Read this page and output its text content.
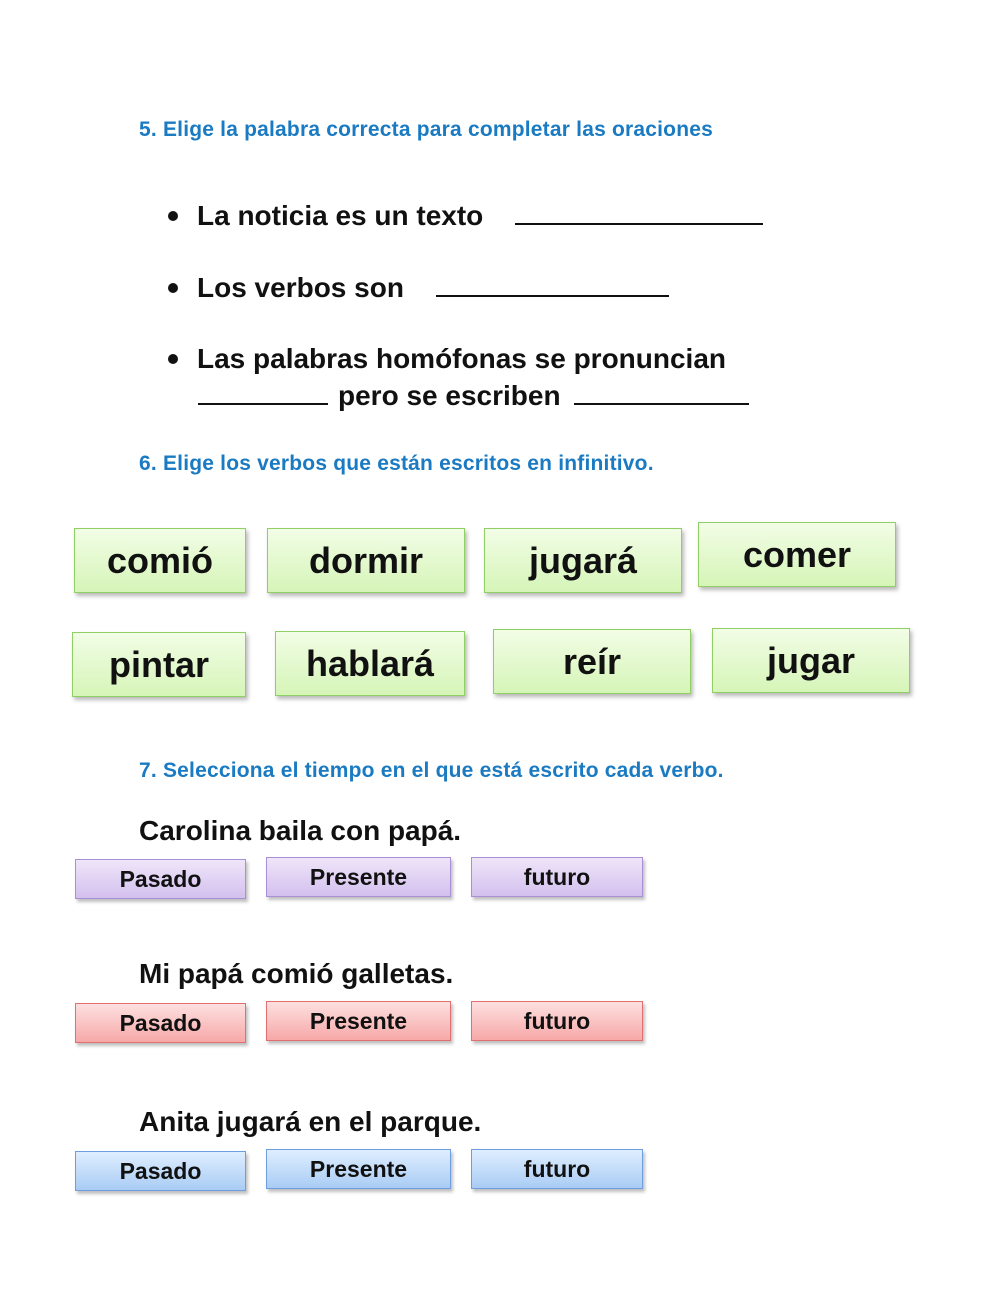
5. Elige la palabra correcta para completar las oraciones
La noticia es un texto
Los verbos son
Las palabras homófonas se pronuncian
pero se escriben
6. Elige los verbos que están escritos en infinitivo.
comió	dormir	jugará	comer
pintar	hablará	reír	jugar
7. Selecciona el tiempo en el que está escrito cada verbo.
Carolina baila con papá.
Pasado	Presente	futuro
Mi papá comió galletas.
Pasado	Presente	futuro
Anita jugará en el parque.
Pasado	Presente	futuro
